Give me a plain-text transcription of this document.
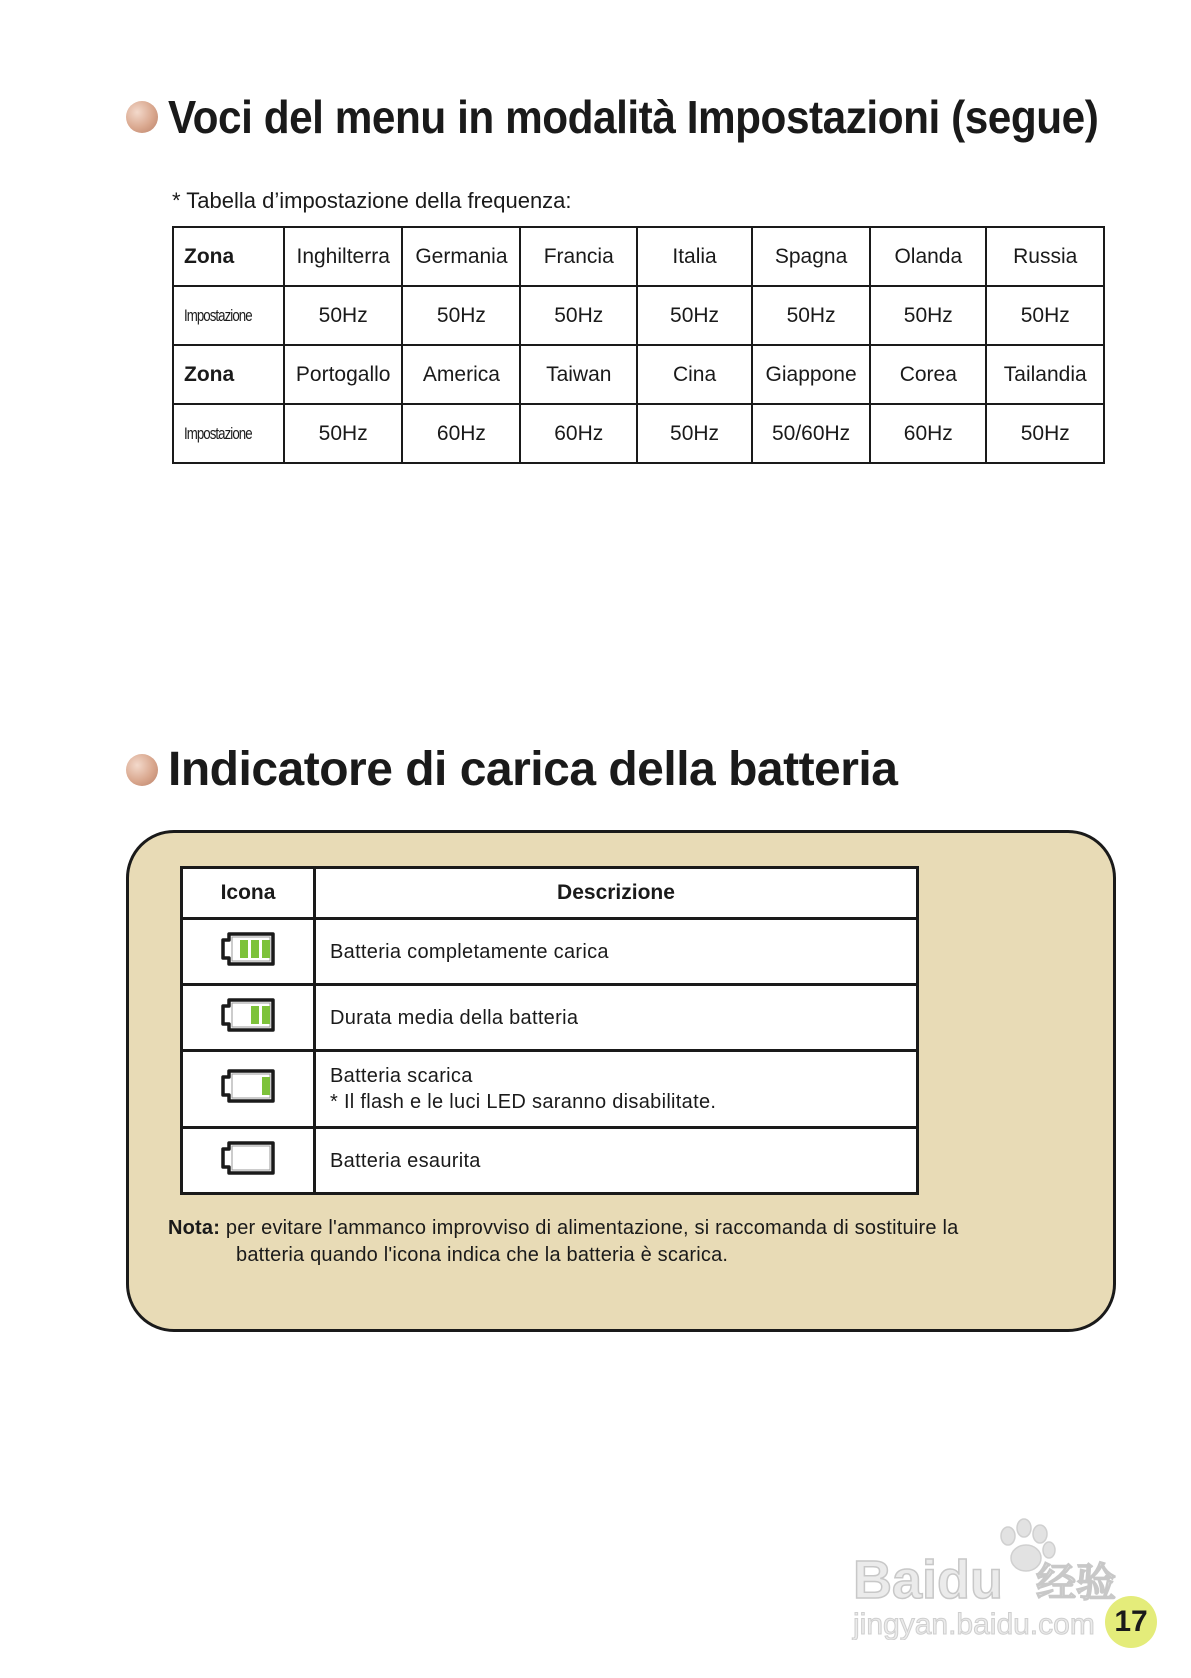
Voci del menu in modalità Impostazioni (segue)
* Tabella d’impostazione della frequenza:
Zona	Inghilterra	Germania	Francia	Italia	Spagna	Olanda	Russia
Impostazione	50Hz	50Hz	50Hz	50Hz	50Hz	50Hz	50Hz
Zona	Portogallo	America	Taiwan	Cina	Giappone	Corea	Tailandia
Impostazione	50Hz	60Hz	60Hz	50Hz	50/60Hz	60Hz	50Hz
Indicatore di carica della batteria
Icona	Descrizione

Batteria completamente carica

Durata media della batteria

Batteria scarica
* Il flash e le luci LED saranno disabilitate.

Batteria esaurita
Nota: per evitare l'ammanco improvviso di alimentazione, si raccomanda di sostituire la
batteria quando l'icona indica che la batteria è scarica.
Baidu 经验
jingyan.baidu.com 17
